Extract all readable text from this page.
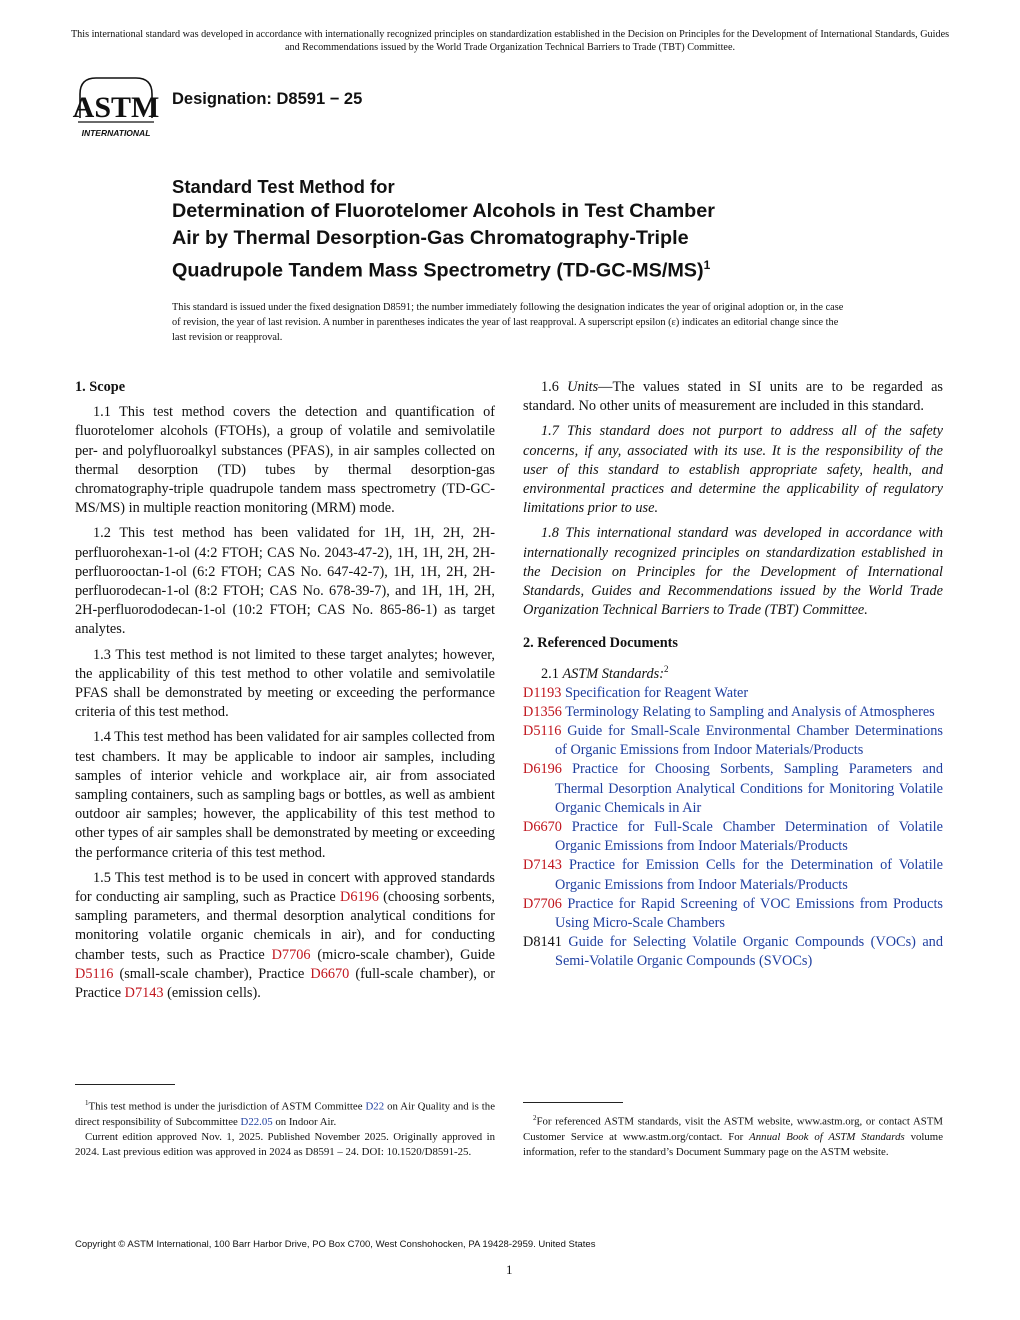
This international standard was developed in accordance with internationally recognized principles on standardization established in the Decision on Principles for the Development of International Standards, Guides and Recommendations issued by the World Trade Organization Technical Barriers to Trade (TBT) Committee.
ASTM
INTERNATIONAL
Designation: D8591 − 25
Standard Test Method for
Determination of Fluorotelomer Alcohols in Test Chamber
Air by Thermal Desorption-Gas Chromatography-Triple
Quadrupole Tandem Mass Spectrometry $(TD-GC-MS/MS)^1$
This standard is issued under the fixed designation D8591; the number immediately following the designation indicates the year of original adoption or, in the case of revision, the year of last revision. A number in parentheses indicates the year of last reapproval. A superscript epsilon (ε) indicates an editorial change since the last revision or reapproval.
1. Scope

1.1 This test method covers the detection and quantification of fluorotelomer alcohols (FTOHs), a group of volatile and semivolatile per- and polyfluoroalkyl substances (PFAS), in air samples collected on thermal desorption (TD) tubes by thermal desorption-gas chromatography-triple quadrupole tandem mass spectrometry (TD-GC-MS/MS) in multiple reaction monitoring (MRM) mode.

1.2 This test method has been validated for 1H, 1H, 2H, 2H-perfluorohexan-1-ol (4:2 FTOH; CAS No. 2043-47-2), 1H, 1H, 2H, 2H-perfluorooctan-1-ol (6:2 FTOH; CAS No. 647-42-7), 1H, 1H, 2H, 2H-perfluorodecan-1-ol (8:2 FTOH; CAS No. 678-39-7), and 1H, 1H, 2H, 2H-perfluorododecan-1-ol (10:2 FTOH; CAS No. 865-86-1) as target analytes.

1.3 This test method is not limited to these target analytes; however, the applicability of this test method to other volatile and semivolatile PFAS shall be demonstrated by meeting or exceeding the performance criteria of this test method.

1.4 This test method has been validated for air samples collected from test chambers. It may be applicable to indoor air samples, including samples of interior vehicle and workplace air, air from associated sampling containers, such as sampling bags or bottles, as well as ambient outdoor air samples; however, the applicability of this test method to other types of air samples shall be demonstrated by meeting or exceeding the performance criteria of this test method.

1.5 This test method is to be used in concert with approved standards for conducting air sampling, such as Practice D6196 (choosing sorbents, sampling parameters, and thermal desorption analytical conditions for monitoring volatile organic chemicals in air), and for conducting chamber tests, such as Practice D7706 (micro-scale chamber), Guide D5116 (small-scale chamber), Practice D6670 (full-scale chamber), or Practice D7143 (emission cells).

1.6 Units—The values stated in SI units are to be regarded as standard. No other units of measurement are included in this standard.

1.7 This standard does not purport to address all of the safety concerns, if any, associated with its use. It is the responsibility of the user of this standard to establish appropriate safety, health, and environmental practices and determine the applicability of regulatory limitations prior to use.

1.8 This international standard was developed in accordance with internationally recognized principles on standardization established in the Decision on Principles for the Development of International Standards, Guides and Recommendations issued by the World Trade Organization Technical Barriers to Trade (TBT) Committee.

2. Referenced Documents

2.1 ASTM Standards:$^2$

D1193 Specification for Reagent Water
D1356 Terminology Relating to Sampling and Analysis of Atmospheres
D5116 Guide for Small-Scale Environmental Chamber Determinations of Organic Emissions from Indoor Materials/Products
D6196 Practice for Choosing Sorbents, Sampling Parameters and Thermal Desorption Analytical Conditions for Monitoring Volatile Organic Chemicals in Air
D6670 Practice for Full-Scale Chamber Determination of Volatile Organic Emissions from Indoor Materials/Products
D7143 Practice for Emission Cells for the Determination of Volatile Organic Emissions from Indoor Materials/Products
D7706 Practice for Rapid Screening of VOC Emissions from Products Using Micro-Scale Chambers
D8141 Guide for Selecting Volatile Organic Compounds (VOCs) and Semi-Volatile Organic Compounds (SVOCs)

$^1$This test method is under the jurisdiction of ASTM Committee D22 on Air Quality and is the direct responsibility of Subcommittee D22.05 on Indoor Air.

Current edition approved Nov. 1, 2025. Published November 2025. Originally approved in 2024. Last previous edition was approved in 2024 as D8591 – 24. DOI: 10.1520/D8591-25.

$^2$For referenced ASTM standards, visit the ASTM website, www.astm.org, or contact ASTM Customer Service at www.astm.org/contact. For Annual Book of ASTM Standards volume information, refer to the standard’s Document Summary page on the ASTM website.

Copyright © ASTM International, 100 Barr Harbor Drive, PO Box C700, West Conshohocken, PA 19428-2959. United States
1
